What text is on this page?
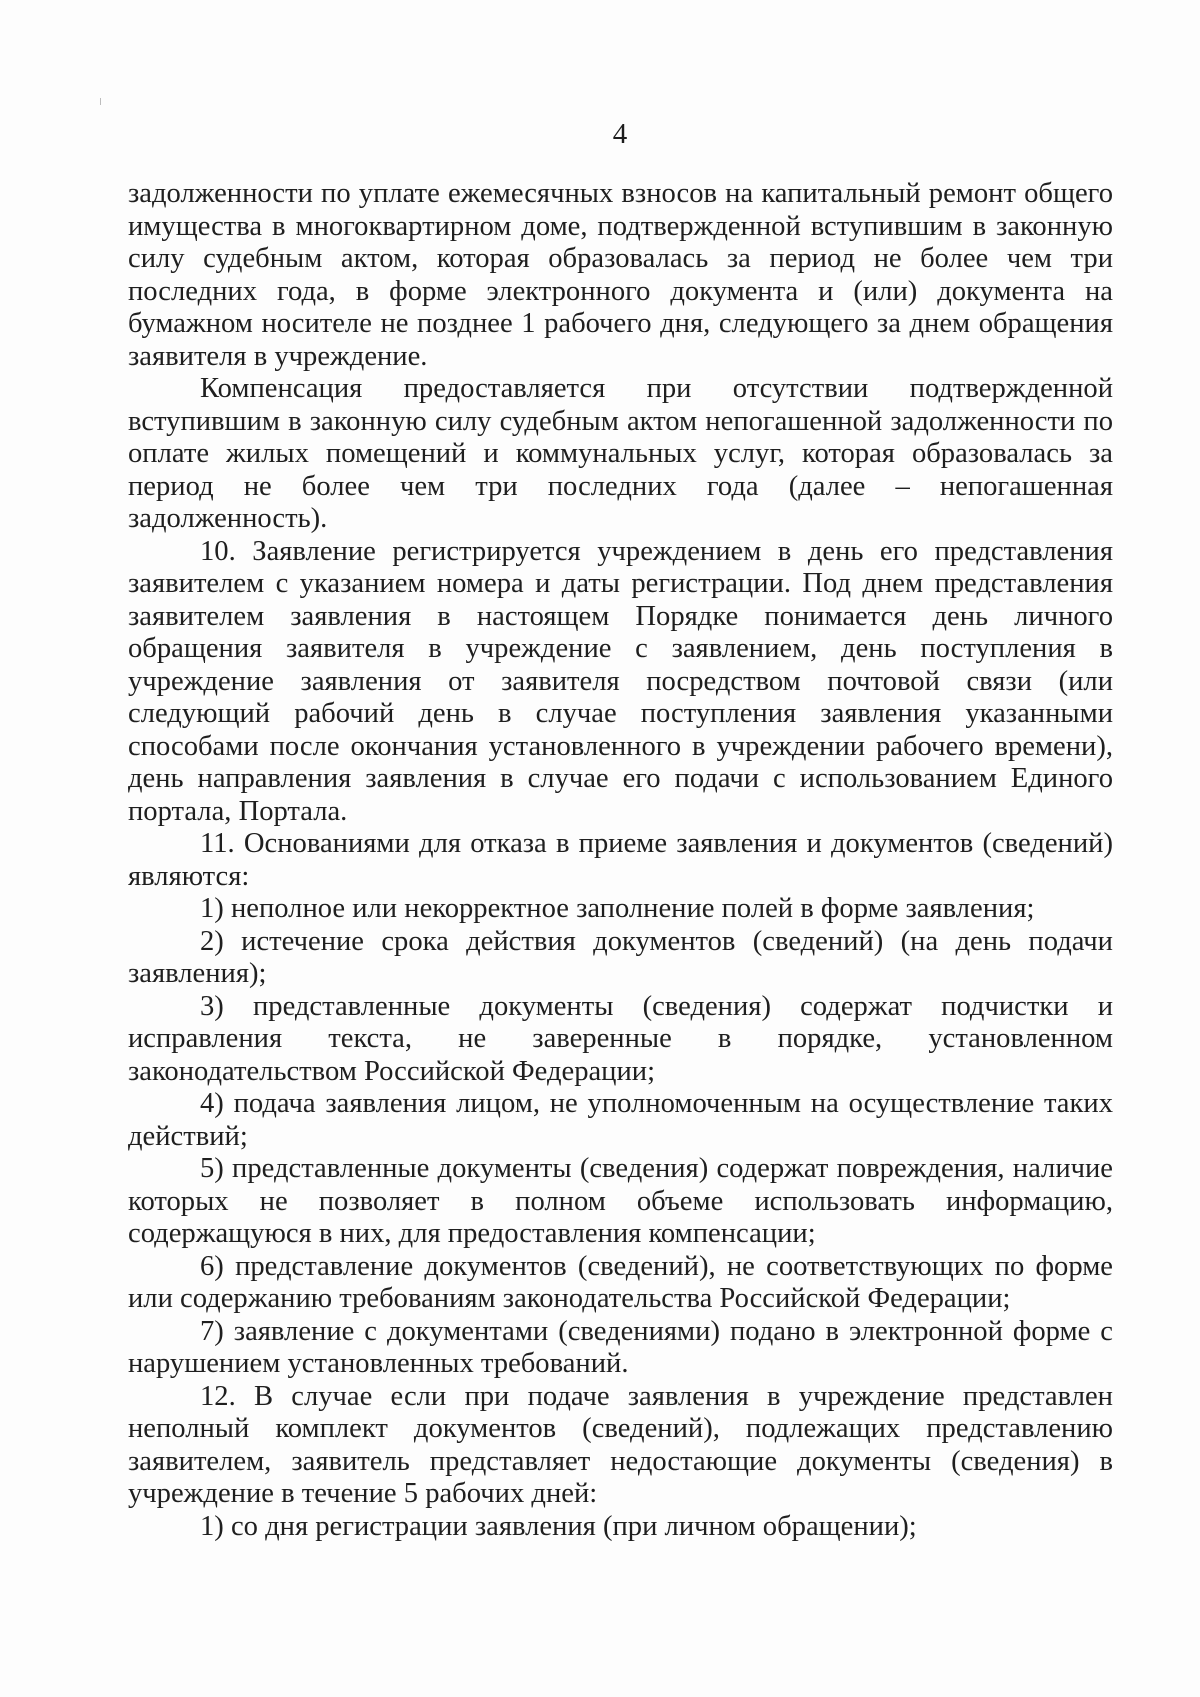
4

задолженности по уплате ежемесячных взносов на капитальный ремонт общего имущества в многоквартирном доме, подтвержденной вступившим в законную силу судебным актом, которая образовалась за период не более чем три последних года, в форме электронного документа и (или) документа на бумажном носителе не позднее 1 рабочего дня, следующего за днем обращения заявителя в учреждение.

Компенсация предоставляется при отсутствии подтвержденной вступившим в законную силу судебным актом непогашенной задолженности по оплате жилых помещений и коммунальных услуг, которая образовалась за период не более чем три последних года (далее – непогашенная задолженность).

10. Заявление регистрируется учреждением в день его представления заявителем с указанием номера и даты регистрации. Под днем представления заявителем заявления в настоящем Порядке понимается день личного обращения заявителя в учреждение с заявлением, день поступления в учреждение заявления от заявителя посредством почтовой связи (или следующий рабочий день в случае поступления заявления указанными способами после окончания установленного в учреждении рабочего времени), день направления заявления в случае его подачи с использованием Единого портала, Портала.

11. Основаниями для отказа в приеме заявления и документов (сведений) являются:

1) неполное или некорректное заполнение полей в форме заявления;

2) истечение срока действия документов (сведений) (на день подачи заявления);

3) представленные документы (сведения) содержат подчистки и исправления текста, не заверенные в порядке, установленном законодательством Российской Федерации;

4) подача заявления лицом, не уполномоченным на осуществление таких действий;

5) представленные документы (сведения) содержат повреждения, наличие которых не позволяет в полном объеме использовать информацию, содержащуюся в них, для предоставления компенсации;

6) представление документов (сведений), не соответствующих по форме или содержанию требованиям законодательства Российской Федерации;

7) заявление с документами (сведениями) подано в электронной форме с нарушением установленных требований.

12. В случае если при подаче заявления в учреждение представлен неполный комплект документов (сведений), подлежащих представлению заявителем, заявитель представляет недостающие документы (сведения) в учреждение в течение 5 рабочих дней:

1) со дня регистрации заявления (при личном обращении);
